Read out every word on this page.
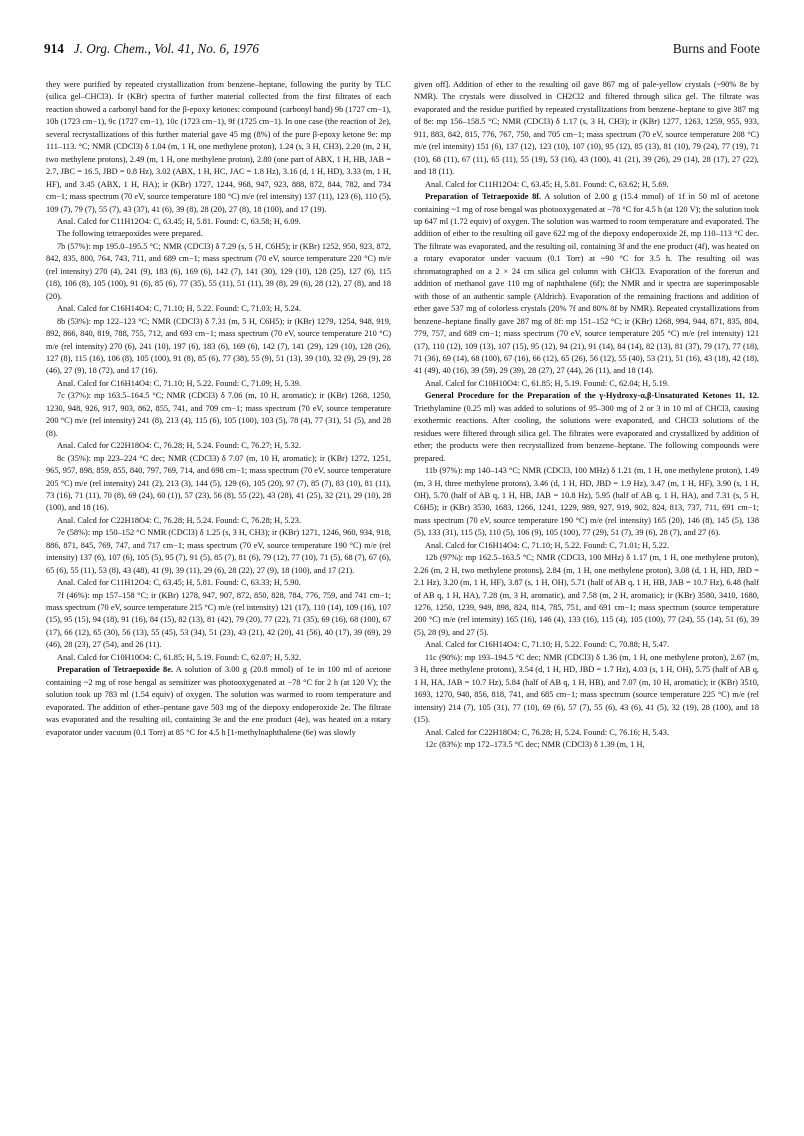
914 J. Org. Chem., Vol. 41, No. 6, 1976	Burns and Foote

they were purified by repeated crystallization from benzene–heptane, following the purity by TLC (silica gel–CHCl3). Ir (KBr) spectra of further material collected from the first filtrates of each reaction showed a carbonyl band for the β-epoxy ketones: compound (carbonyl band) 9b (1727 cm−1), 10b (1723 cm−1), 9c (1727 cm−1), 10c (1723 cm−1), 9f (1725 cm−1). In one case (the reaction of 2e), several recrystallizations of this further material gave 45 mg (8%) of the pure β-epoxy ketone 9e: mp 111–113. °C; NMR (CDCl3) δ 1.04 (m, 1 H, one methylene proton), 1.24 (s, 3 H, CH3), 2.20 (m, 2 H, two methylene protons), 2.49 (m, 1 H, one methylene proton), 2.80 (one part of ABX, 1 H, HB, JAB = 2.7, JBC = 16.5, JBD = 0.8 Hz), 3.02 (ABX, 1 H, HC, JAC = 1.8 Hz), 3.16 (d, 1 H, HD), 3.33 (m, 1 H, HF), and 3.45 (ABX, 1 H, HA); ir (KBr) 1727, 1244, 968, 947, 923, 888, 872, 844, 782, and 734 cm−1; mass spectrum (70 eV, source temperature 180 °C) m/e (rel intensity) 137 (11), 123 (6), 110 (5), 109 (7), 79 (7), 55 (7), 43 (37), 41 (6), 39 (8), 28 (20), 27 (8), 18 (100), and 17 (19).

Anal. Calcd for C11H12O4: C, 63.45; H, 5.81. Found: C, 63.58; H, 6.09.

The following tetraepoxides were prepared.

7b (57%): mp 195.0–195.5 °C; NMR (CDCl3) δ 7.29 (s, 5 H, C6H5); ir (KBr) 1252, 950, 923, 872, 842, 835, 800, 764, 743, 711, and 689 cm−1; mass spectrum (70 eV, source temperature 220 °C) m/e (rel intensity) 270 (4), 241 (9), 183 (6), 169 (6), 142 (7), 141 (30), 129 (10), 128 (25), 127 (6), 115 (18), 106 (8), 105 (100), 91 (6), 85 (6), 77 (35), 55 (11), 51 (11), 39 (8), 29 (6), 28 (12), 27 (8), and 18 (20).

Anal. Calcd for C16H14O4: C, 71.10; H, 5.22. Found: C, 71.03; H, 5.24.

8b (53%): mp 122–123 °C; NMR (CDCl3) δ 7.31 (m, 5 H, C6H5); ir (KBr) 1279, 1254, 948, 919, 892, 866, 840, 819, 788, 755, 712, and 693 cm−1; mass spectrum (70 eV, source temperature 210 °C) m/e (rel intensity) 270 (6), 241 (10), 197 (6), 183 (6), 169 (6), 142 (7), 141 (29), 129 (10), 128 (26), 127 (8), 115 (16), 106 (8), 105 (100), 91 (8), 85 (6), 77 (38), 55 (9), 51 (13), 39 (10), 32 (9), 29 (9), 28 (46), 27 (9), 18 (72), and 17 (16).

Anal. Calcd for C16H14O4: C, 71.10; H, 5.22. Found: C, 71.09; H, 5.39.

7c (37%): mp 163.5–164.5 °C; NMR (CDCl3) δ 7.06 (m, 10 H, aromatic); ir (KBr) 1268, 1250, 1230, 948, 926, 917, 903, 862, 855, 741, and 709 cm−1; mass spectrum (70 eV, source temperature 200 °C) m/e (rel intensity) 241 (8), 213 (4), 115 (6), 105 (100), 103 (5), 78 (4), 77 (31), 51 (5), and 28 (8).

Anal. Calcd for C22H18O4: C, 76.28; H, 5.24. Found: C, 76.27; H, 5.32.

8c (35%): mp 223–224 °C dec; NMR (CDCl3) δ 7.07 (m, 10 H, aromatic); ir (KBr) 1272, 1251, 965, 957, 898, 859, 855, 840, 797, 769, 714, and 698 cm−1; mass spectrum (70 eV, source temperature 205 °C) m/e (rel intensity) 241 (2), 213 (3), 144 (5), 129 (6), 105 (20), 97 (7), 85 (7), 83 (10), 81 (11), 73 (16), 71 (11), 70 (8), 69 (24), 60 (1)), 57 (23), 56 (8), 55 (22), 43 (28), 41 (25), 32 (21), 29 (10), 28 (100), and 18 (16).

Anal. Calcd for C22H18O4: C, 76.28; H, 5.24. Found: C, 76.28; H, 5.23.

7e (58%): mp 150–152 °C NMR (CDCl3) δ 1.25 (s, 3 H, CH3); ir (KBr) 1271, 1246, 960, 934, 918, 886, 871, 845, 769, 747, and 717 cm−1; mass spectrum (70 eV, source temperature 190 °C) m/e (rel intensity) 137 (6), 107 (6), 105 (5), 95 (7), 91 (5), 85 (7), 81 (6), 79 (12), 77 (10), 71 (5), 68 (7), 67 (6), 65 (6), 55 (11), 53 (8), 43 (48), 41 (9), 39 (11), 29 (6), 28 (22), 27 (9), 18 (100), and 17 (21).

Anal. Calcd for C11H12O4: C, 63.45; H, 5.81. Found: C, 63.33; H, 5.90.

7f (46%): mp 157–158 °C; ir (KBr) 1278, 947, 907, 872, 850, 828, 784, 776, 759, and 741 cm−1; mass spectrum (70 eV, source temperature 215 °C) m/e (rel intensity) 121 (17), 110 (14), 109 (16), 107 (15), 95 (15), 94 (18), 91 (16), 84 (15), 82 (13), 81 (42), 79 (20), 77 (22), 71 (35), 69 (16), 68 (100), 67 (17), 66 (12), 65 (30), 56 (13), 55 (45), 53 (34), 51 (23), 43 (21), 42 (20), 41 (56), 40 (17), 39 (69), 29 (46), 28 (23), 27 (54), and 26 (11).

Anal. Calcd for C10H10O4: C, 61.85; H, 5.19. Found: C, 62.07; H, 5.32.

Preparation of Tetraepoxide 8e. A solution of 3.00 g (20.8 mmol) of 1e in 100 ml of acetone containing ~2 mg of rose bengal as sensitizer was photooxygenated at −78 °C for 2 h (at 120 V); the solution took up 783 ml (1.54 equiv) of oxygen. The solution was warmed to room temperature and evaporated. The addition of ether–pentane gave 503 mg of the diepoxy endoperoxide 2e. The filtrate was evaporated and the resulting oil, containing 3e and the ene product (4e), was heated on a rotary evaporator under vacuum (0.1 Torr) at 85 °C for 4.5 h [1-methylnaphthalene (6e) was slowly

given off]. Addition of ether to the resulting oil gave 867 mg of pale-yellow crystals (~90% 8e by NMR). The crystals were dissolved in CH2Cl2 and filtered through silica gel. The filtrate was evaporated and the residue purified by repeated crystallizations from benzene–heptane to give 387 mg of 8e: mp 156–158.5 °C; NMR (CDCl3) δ 1.17 (s, 3 H, CH3); ir (KBr) 1277, 1263, 1259, 955, 933, 911, 883, 842, 815, 776, 767, 750, and 705 cm−1; mass spectrum (70 eV, source temperature 208 °C) m/e (rel intensity) 151 (6), 137 (12), 123 (10), 107 (10), 95 (12), 85 (13), 81 (10), 79 (24), 77 (19), 71 (10), 68 (11), 67 (11), 65 (11), 55 (19), 53 (16), 43 (100), 41 (21), 39 (26), 29 (14), 28 (17), 27 (22), and 18 (11).

Anal. Calcd for C11H12O4: C, 63.45; H, 5.81. Found: C, 63.62; H, 5.69.

Preparation of Tetraepoxide 8f. A solution of 2.00 g (15.4 mmol) of 1f in 50 ml of acetone containing ~1 mg of rose bengal was photooxygenated at −78 °C for 4.5 h (at 120 V); the solution took up 647 ml (1.72 equiv) of oxygen. The solution was warmed to room temperature and evaporated. The addition of ether to the resulting oil gave 622 mg of the diepoxy endoperoxide 2f, mp 110–113 °C dec. The filtrate was evaporated, and the resulting oil, containing 3f and the ene product (4f), was heated on a rotary evaporator under vacuum (0.1 Torr) at ~90 °C for 3.5 h. The resulting oil was chromatographed on a 2 × 24 cm silica gel column with CHCl3. Evaporation of the forerun and addition of methanol gave 110 mg of naphthalene (6f); the NMR and ir spectra are superimposable with those of an authentic sample (Aldrich). Evaporation of the remaining fractions and addition of ether gave 537 mg of colorless crystals (20% 7f and 80% 8f by NMR). Repeated crystallizations from benzene–heptane finally gave 287 mg of 8f: mp 151–152 °C; ir (KBr) 1268, 994, 944, 871, 835, 804, 779, 757, and 689 cm−1; mass spectrum (70 eV, source temperature 205 °C) m/e (rel intensity) 121 (17), 110 (12), 109 (13), 107 (15), 95 (12), 94 (21), 91 (14), 84 (14), 82 (13), 81 (37), 79 (17), 77 (18), 71 (36), 69 (14), 68 (100), 67 (16), 66 (12), 65 (26), 56 (12), 55 (40), 53 (21), 51 (16), 43 (18), 42 (18), 41 (49), 40 (16), 39 (59), 29 (39), 28 (27), 27 (44), 26 (11), and 18 (14).

Anal. Calcd for C10H10O4: C, 61.85; H, 5.19. Found: C, 62.04; H, 5.19.

General Procedure for the Preparation of the γ-Hydroxy-α,β-Unsaturated Ketones 11, 12. Triethylamine (0.25 ml) was added to solutions of 95–300 mg of 2 or 3 in 10 ml of CHCl3, causing exothermic reactions. After cooling, the solutions were evaporated, and CHCl3 solutions of the residues were filtered through silica gel. The filtrates were evaporated and crystallized by addition of ether; the products were then recrystallized from benzene–heptane. The following compounds were prepared.

11b (97%): mp 140–143 °C; NMR (CDCl3, 100 MHz) δ 1.21 (m, 1 H, one methylene proton), 1.49 (m, 3 H, three methylene protons), 3.46 (d, 1 H, HD, JBD = 1.9 Hz), 3.47 (m, 1 H, HF), 3.90 (s, 1 H, OH), 5.70 (half of AB q, 1 H, HB, JAB = 10.8 Hz), 5.95 (half of AB q, 1 H, HA), and 7.31 (s, 5 H, C6H5); ir (KBr) 3530, 1683, 1266, 1241, 1229, 989, 927, 919, 902, 824, 813, 737, 711, 691 cm−1; mass spectrum (70 eV, source temperature 190 °C) m/e (rel intensity) 165 (20), 146 (8), 145 (5), 138 (5), 133 (31), 115 (5), 110 (5), 106 (9), 105 (100), 77 (29), 51 (7), 39 (6), 28 (7), and 27 (6).

Anal. Calcd for C16H14O4: C, 71.10; H, 5.22. Found: C, 71.01; H, 5.22.

12b (97%): mp 162.5–163.5 °C; NMR (CDCl3, 100 MHz) δ 1.17 (m, 1 H, one methylene proton), 2.26 (m, 2 H, two methylene protons), 2.84 (m, 1 H, one methylene proton), 3.08 (d, 1 H, HD, JBD = 2.1 Hz), 3.20 (m, 1 H, HF), 3.87 (s, 1 H, OH), 5.71 (half of AB q, 1 H, HB, JAB = 10.7 Hz), 6.48 (half of AB q, 1 H, HA), 7.28 (m, 3 H, aromatic), and 7.58 (m, 2 H, aromatic); ir (KBr) 3580, 3410, 1680, 1276, 1250, 1239, 949, 898, 824, 814, 785, 751, and 691 cm−1; mass spectrum (source temperature 200 °C) m/e (rel intensity) 165 (16), 146 (4), 133 (16), 115 (4), 105 (100), 77 (24), 55 (14), 51 (6), 39 (5), 28 (9), and 27 (5).

Anal. Calcd for C16H14O4: C, 71.10; H, 5.22. Found: C, 70.88; H, 5.47.

11c (90%): mp 193–194.5 °C dec; NMR (CDCl3) δ 1.36 (m, 1 H, one methylene proton), 2.67 (m, 3 H, three methylene protons), 3.54 (d, 1 H, HD, JBD = 1.7 Hz), 4.03 (s, 1 H, OH), 5.75 (half of AB q, 1 H, HA, JAB = 10.7 Hz), 5.84 (half of AB q, 1 H, HB), and 7.07 (m, 10 H, aromatic); ir (KBr) 3510, 1693, 1270, 940, 856, 818, 741, and 685 cm−1; mass spectrum (source temperature 225 °C) m/e (rel intensity) 214 (7), 105 (31), 77 (10), 69 (6), 57 (7), 55 (6), 43 (6), 41 (5), 32 (19), 28 (100), and 18 (15).

Anal. Calcd for C22H18O4: C, 76.28; H, 5.24. Found: C, 76.16; H, 5.43.

12c (83%): mp 172–173.5 °C dec; NMR (CDCl3) δ 1.39 (m, 1 H,
